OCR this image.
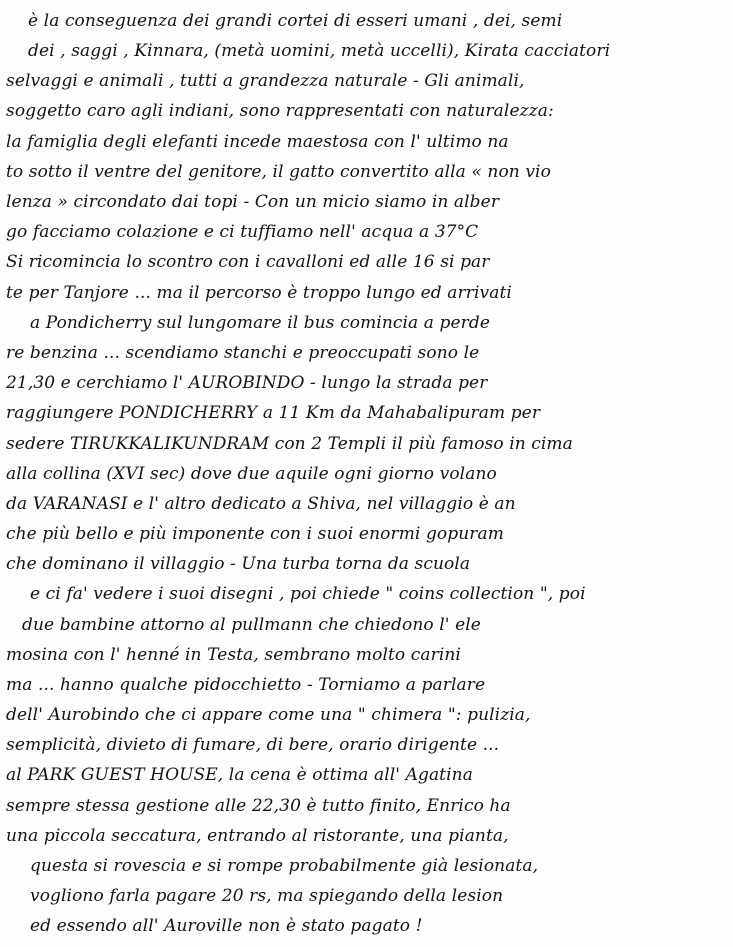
è la conseguenza dei grandi cortei di esseri umani , dei, semi
dei , saggi , Kinnara, (metà uomini, metà uccelli), Kirata cacciatori
selvaggi e animali , tutti a grandezza naturale - Gli animali,
soggetto caro agli indiani, sono rappresentati con naturalezza:
la famiglia degli elefanti incede maestosa con l' ultimo na
to sotto il ventre del genitore, il gatto convertito alla « non vio
lenza » circondato dai topi - Con un micio siamo in alber
go facciamo colazione e ci tuffiamo nell' acqua a 37°C
Si ricomincia lo scontro con i cavalloni ed alle 16 si par
te per Tanjore ... ma il percorso è troppo lungo ed arrivati
a Pondicherry sul lungomare il bus comincia a perde
re benzina ... scendiamo stanchi e preoccupati sono le
21,30 e cerchiamo l' AUROBINDO - lungo la strada per
raggiungere PONDICHERRY a 11 Km da Mahabalipuram per
sedere TIRUKKALIKUNDRAM con 2 Templi il più famoso in cima
alla collina (XVI sec) dove due aquile ogni giorno volano
da VARANASI e l' altro dedicato a Shiva, nel villaggio è an
che più bello e più imponente con i suoi enormi gopuram
che dominano il villaggio - Una turba torna da scuola
e ci fa' vedere i suoi disegni , poi chiede " coins collection ", poi
due bambine attorno al pullmann che chiedono l' ele
mosina con l' henné in Testa, sembrano molto carini
ma ... hanno qualche pidocchietto - Torniamo a parlare
dell' Aurobindo che ci appare come una " chimera ": pulizia,
semplicità, divieto di fumare, di bere, orario dirigente ...
al PARK GUEST HOUSE, la cena è ottima all' Agatina
sempre stessa gestione alle 22,30 è tutto finito, Enrico ha
una piccola seccatura, entrando al ristorante, una pianta,
questa si rovescia e si rompe probabilmente già lesionata,
vogliono farla pagare 20 rs, ma spiegando della lesion
ed essendo all' Auroville non è stato pagato !
